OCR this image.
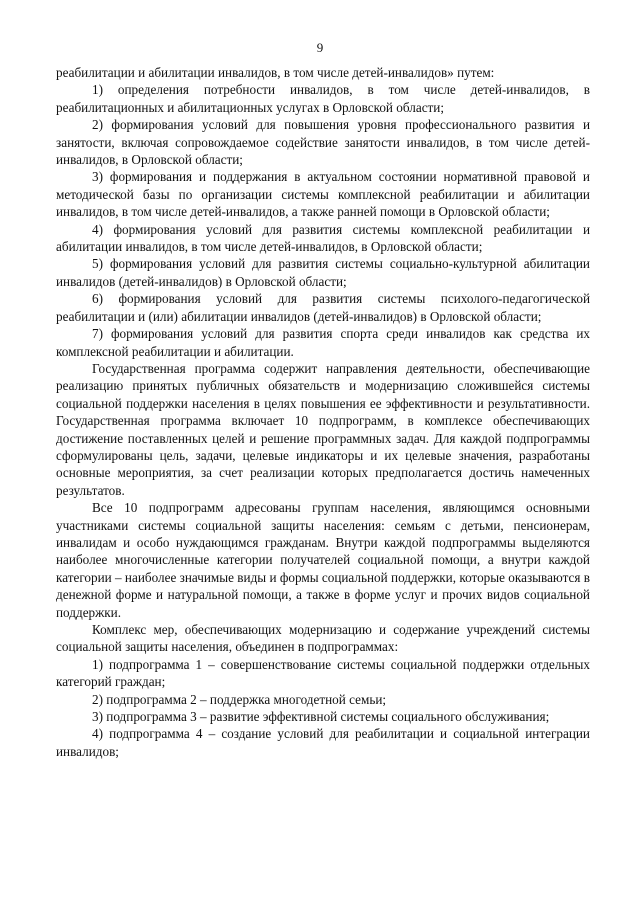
9

реабилитации и абилитации инвалидов, в том числе детей-инвалидов» путем:

1) определения потребности инвалидов, в том числе детей-инвалидов, в реабилитационных и абилитационных услугах в Орловской области;

2) формирования условий для повышения уровня профессионального развития и занятости, включая сопровождаемое содействие занятости инвалидов, в том числе детей-инвалидов, в Орловской области;

3) формирования и поддержания в актуальном состоянии нормативной правовой и методической базы по организации системы комплексной реабилитации и абилитации инвалидов, в том числе детей-инвалидов, а также ранней помощи в Орловской области;

4) формирования условий для развития системы комплексной реабилитации и абилитации инвалидов, в том числе детей-инвалидов, в Орловской области;

5) формирования условий для развития системы социально-культурной абилитации инвалидов (детей-инвалидов) в Орловской области;

6) формирования условий для развития системы психолого-педагогической реабилитации и (или) абилитации инвалидов (детей-инвалидов) в Орловской области;

7) формирования условий для развития спорта среди инвалидов как средства их комплексной реабилитации и абилитации.

Государственная программа содержит направления деятельности, обеспечивающие реализацию принятых публичных обязательств и модернизацию сложившейся системы социальной поддержки населения в целях повышения ее эффективности и результативности. Государственная программа включает 10 подпрограмм, в комплексе обеспечивающих достижение поставленных целей и решение программных задач. Для каждой подпрограммы сформулированы цель, задачи, целевые индикаторы и их целевые значения, разработаны основные мероприятия, за счет реализации которых предполагается достичь намеченных результатов.

Все 10 подпрограмм адресованы группам населения, являющимся основными участниками системы социальной защиты населения: семьям с детьми, пенсионерам, инвалидам и особо нуждающимся гражданам. Внутри каждой подпрограммы выделяются наиболее многочисленные категории получателей социальной помощи, а внутри каждой категории – наиболее значимые виды и формы социальной поддержки, которые оказываются в денежной форме и натуральной помощи, а также в форме услуг и прочих видов социальной поддержки.

Комплекс мер, обеспечивающих модернизацию и содержание учреждений системы социальной защиты населения, объединен в подпрограммах:

1) подпрограмма 1 – совершенствование системы социальной поддержки отдельных категорий граждан;

2) подпрограмма 2 – поддержка многодетной семьи;

3) подпрограмма 3 – развитие эффективной системы социального обслуживания;

4) подпрограмма 4 – создание условий для реабилитации и социальной интеграции инвалидов;
